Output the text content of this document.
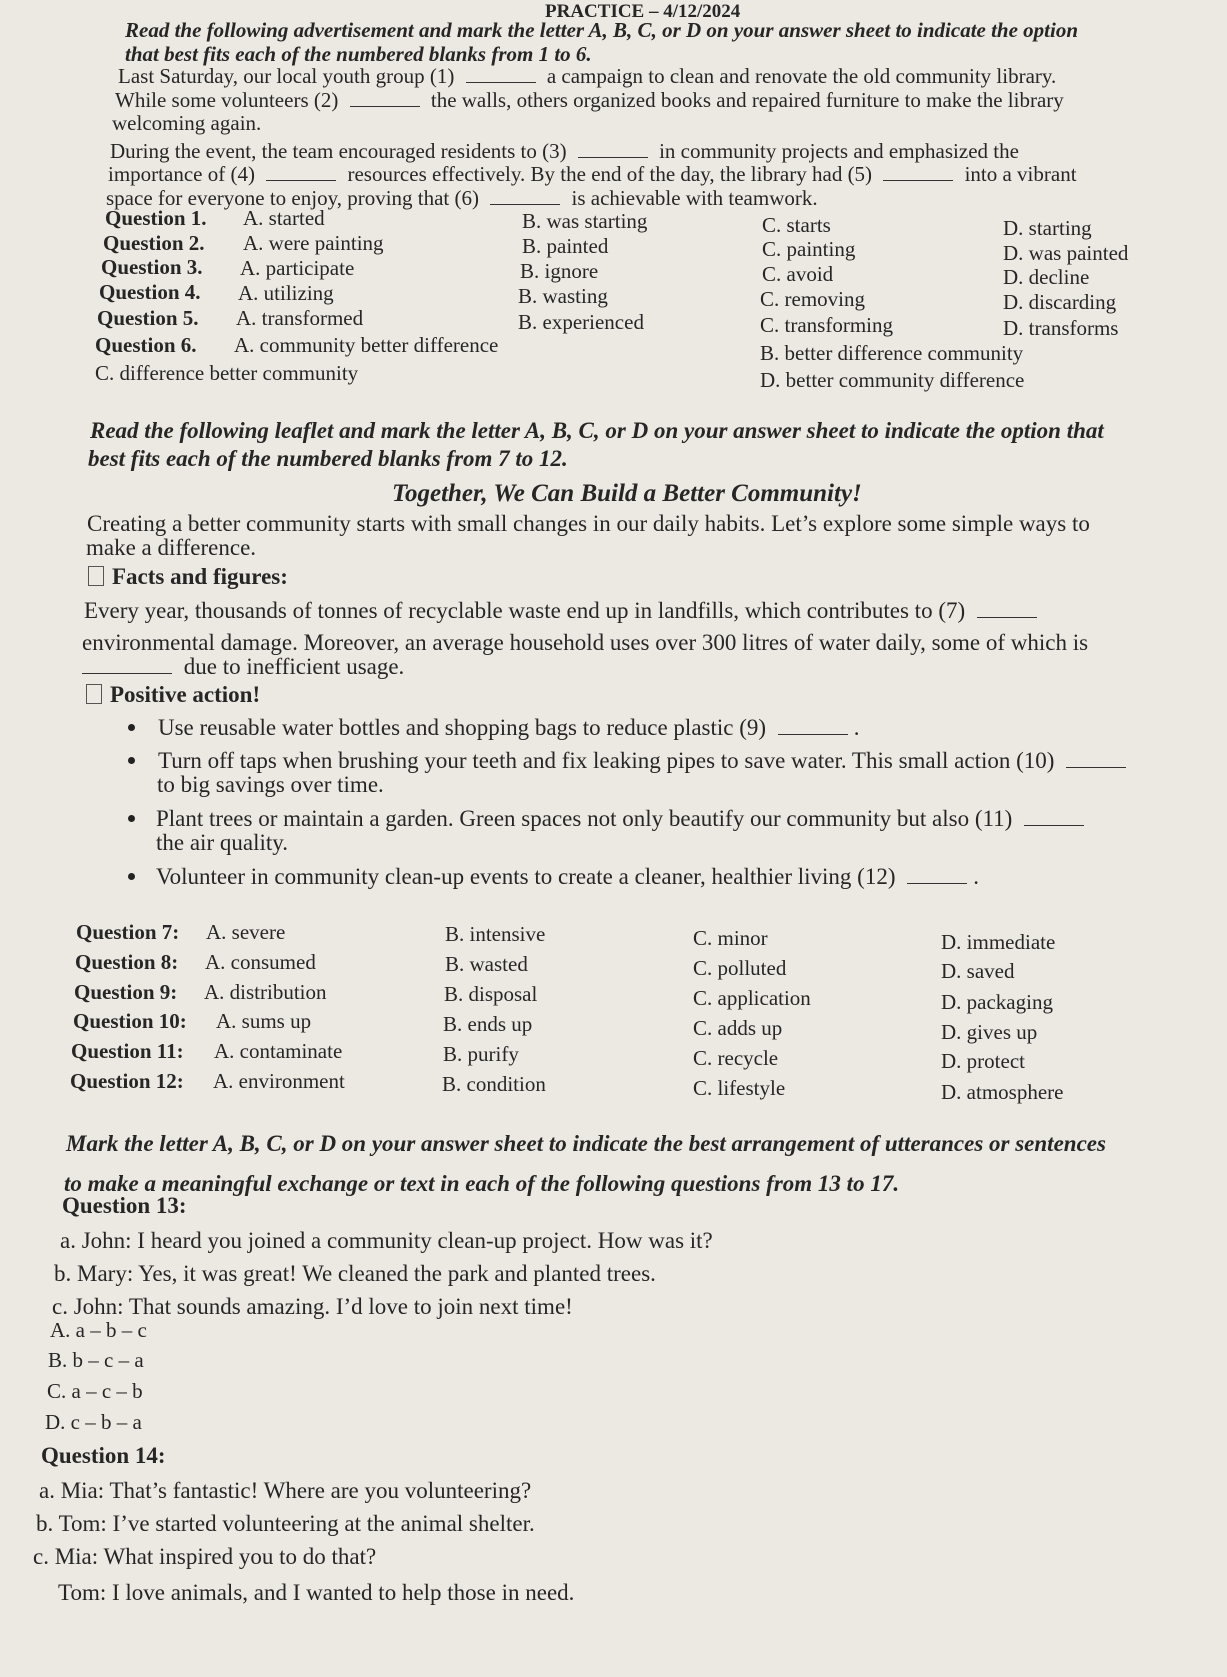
PRACTICE – 4/12/2024
Read the following advertisement and mark the letter A, B, C, or D on your answer sheet to indicate the option
that best fits each of the numbered blanks from 1 to 6.
Last Saturday, our local youth group (1)	a campaign to clean and renovate the old community library.
While some volunteers (2)	the walls, others organized books and repaired furniture to make the library
welcoming again.
During the event, the team encouraged residents to (3)	in community projects and emphasized the
importance of (4)	resources effectively. By the end of the day, the library had (5)	into a vibrant
space for everyone to enjoy, proving that (6)	is achievable with teamwork.
Question 1. A. started	B. was starting	C. starts	D. starting
Question 2. A. were painting	B. painted	C. painting	D. was painted
Question 3. A. participate	B. ignore	C. avoid	D. decline
Question 4. A. utilizing	B. wasting	C. removing	D. discarding
Question 5. A. transformed	B. experienced	C. transforming	D. transforms
Question 6. A. community better difference	B. better difference community
C. difference better community	D. better community difference
Read the following leaflet and mark the letter A, B, C, or D on your answer sheet to indicate the option that
best fits each of the numbered blanks from 7 to 12.
Together, We Can Build a Better Community!
Creating a better community starts with small changes in our daily habits. Let’s explore some simple ways to
make a difference.
Facts and figures:
Every year, thousands of tonnes of recyclable waste end up in landfills, which contributes to (7)
environmental damage. Moreover, an average household uses over 300 litres of water daily, some of which is
due to inefficient usage.
Positive action!
Use reusable water bottles and shopping bags to reduce plastic (9)	.
Turn off taps when brushing your teeth and fix leaking pipes to save water. This small action (10)
to big savings over time.
Plant trees or maintain a garden. Green spaces not only beautify our community but also (11)
the air quality.
Volunteer in community clean-up events to create a cleaner, healthier living (12)	.
Question 7: A. severe	B. intensive	C. minor	D. immediate
Question 8: A. consumed	B. wasted	C. polluted	D. saved
Question 9: A. distribution	B. disposal	C. application	D. packaging
Question 10: A. sums up	B. ends up	C. adds up	D. gives up
Question 11: A. contaminate	B. purify	C. recycle	D. protect
Question 12: A. environment	B. condition	C. lifestyle	D. atmosphere
Mark the letter A, B, C, or D on your answer sheet to indicate the best arrangement of utterances or sentences
to make a meaningful exchange or text in each of the following questions from 13 to 17.
Question 13:
a. John: I heard you joined a community clean-up project. How was it?
b. Mary: Yes, it was great! We cleaned the park and planted trees.
c. John: That sounds amazing. I’d love to join next time!
A. a – b – c
B. b – c – a
C. a – c – b
D. c – b – a
Question 14:
a. Mia: That’s fantastic! Where are you volunteering?
b. Tom: I’ve started volunteering at the animal shelter.
c. Mia: What inspired you to do that?
Tom: I love animals, and I wanted to help those in need.
